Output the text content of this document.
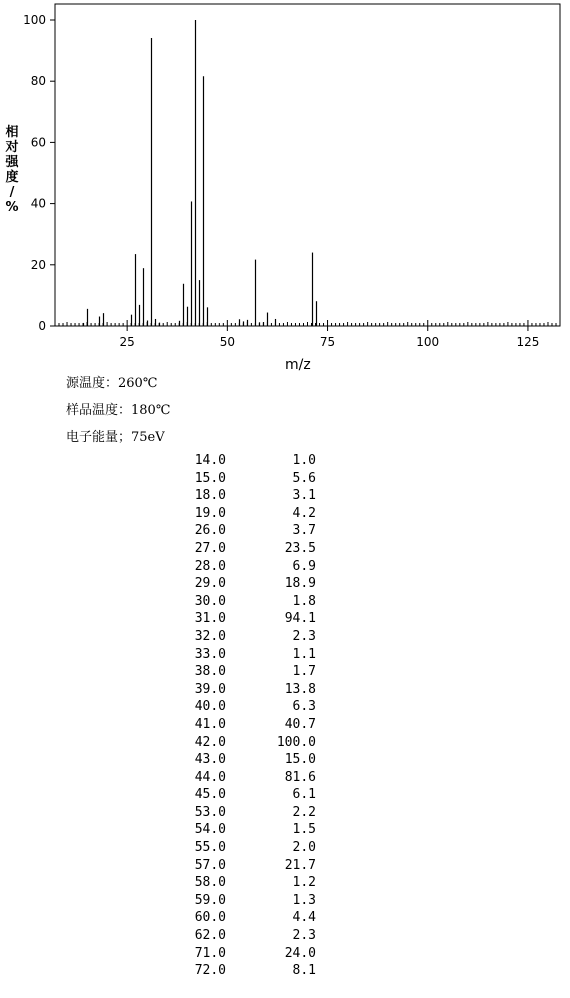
0
20
40
60
80
100
25	50	75	100	125
相
对
强
度
/
%
m/z
源温度：260℃
样品温度：180℃
电子能量；75eV
14.0	1.0
15.0	5.6
18.0	3.1
19.0	4.2
26.0	3.7
27.0	23.5
28.0	6.9
29.0	18.9
30.0	1.8
31.0	94.1
32.0	2.3
33.0	1.1
38.0	1.7
39.0	13.8
40.0	6.3
41.0	40.7
42.0	100.0
43.0	15.0
44.0	81.6
45.0	6.1
53.0	2.2
54.0	1.5
55.0	2.0
57.0	21.7
58.0	1.2
59.0	1.3
60.0	4.4
62.0	2.3
71.0	24.0
72.0	8.1
